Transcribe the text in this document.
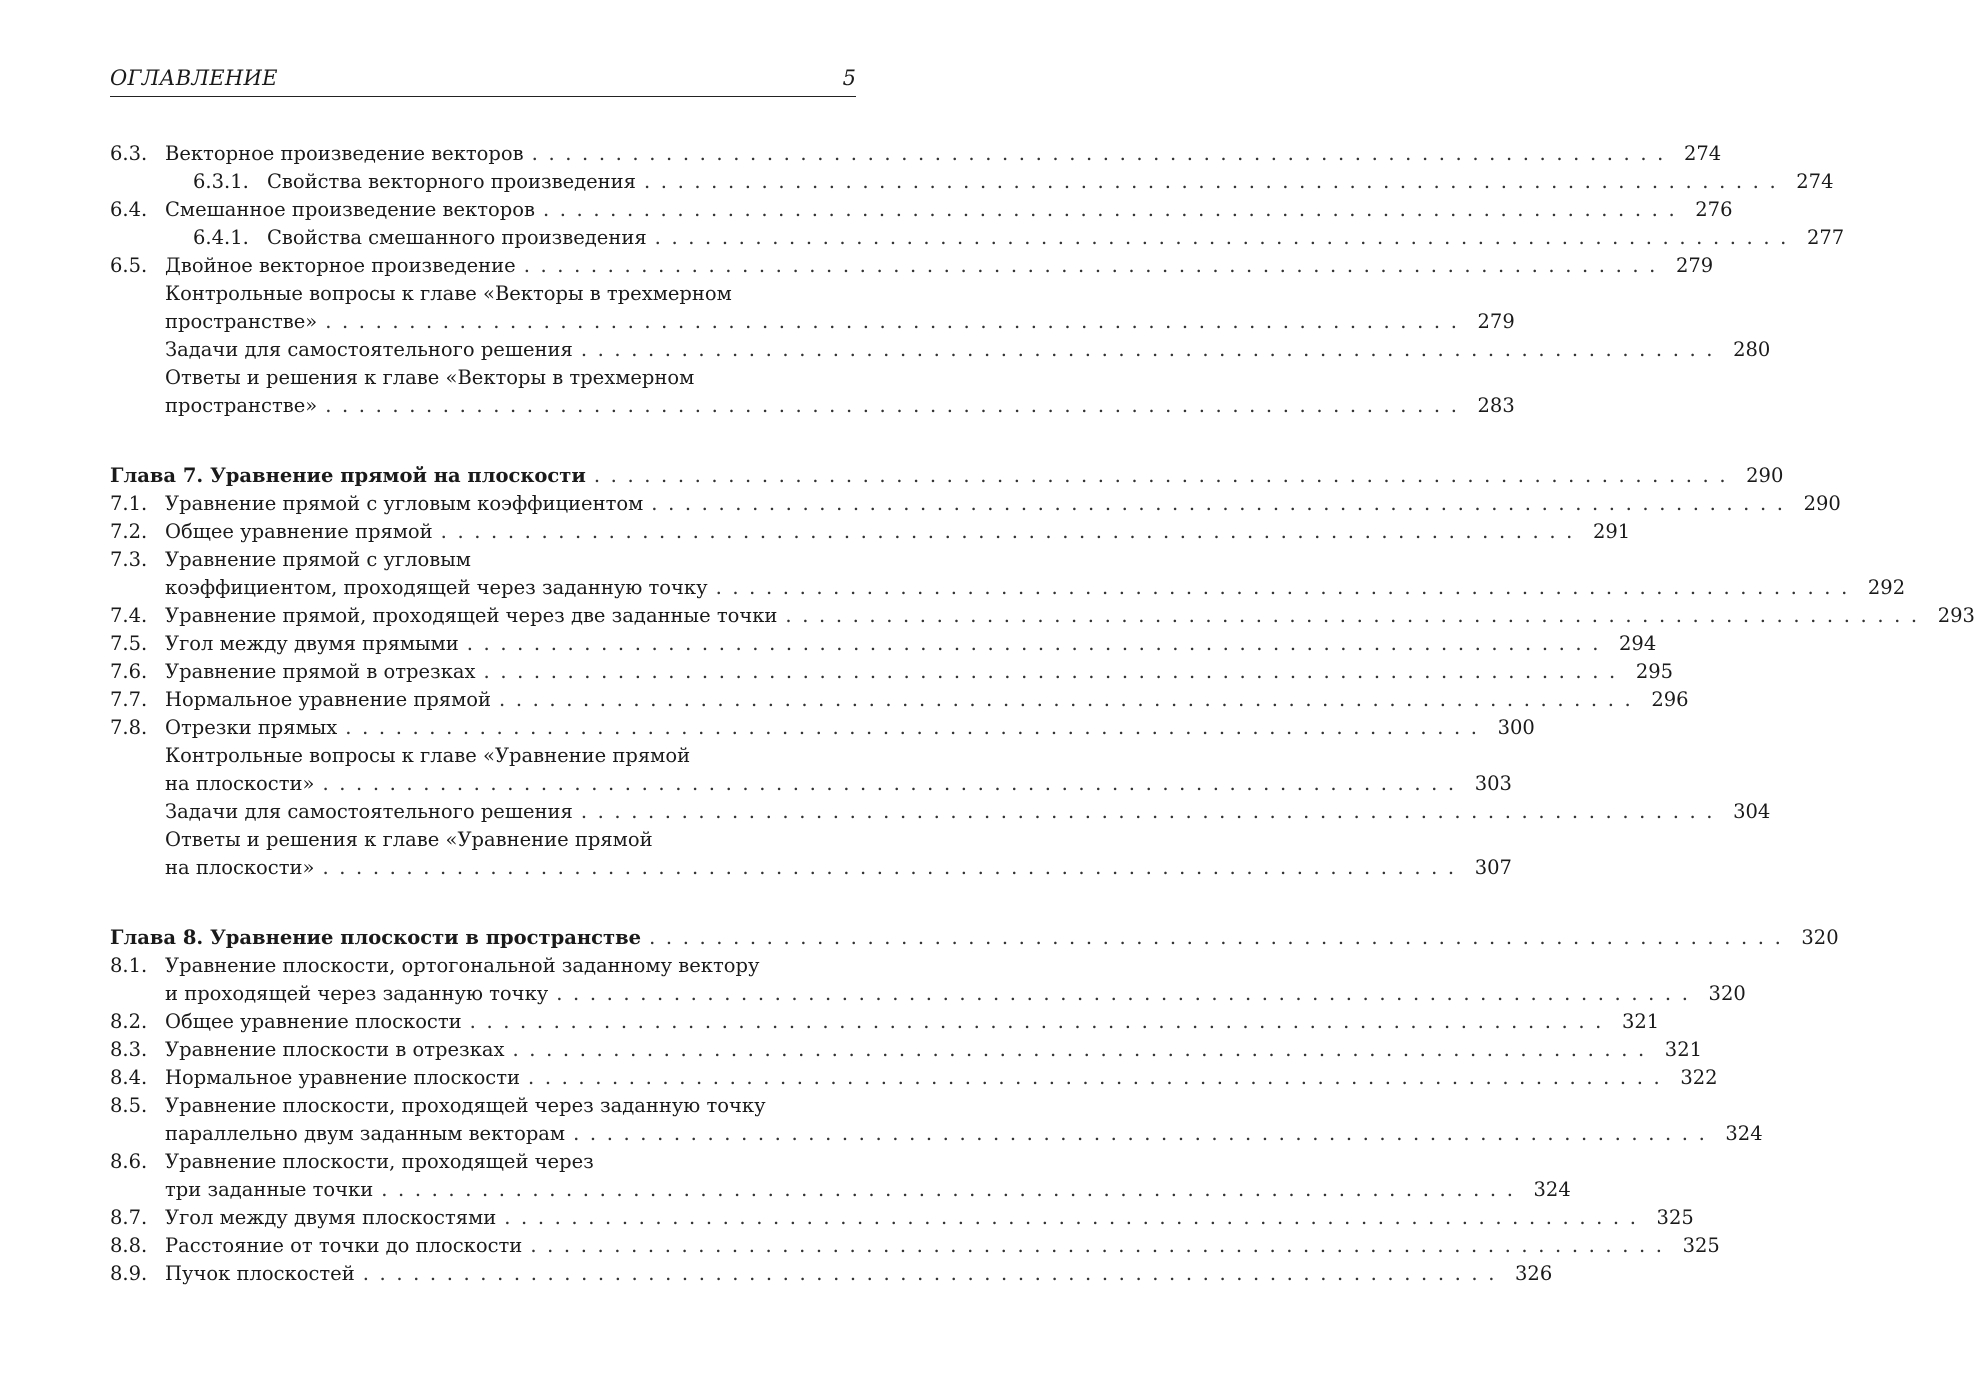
ОГЛАВЛЕНИЕ	5
6.3. Векторное произведение векторов .................................................................... 274
6.3.1. Свойства векторного произведения .................................................................... 274
6.4. Смешанное произведение векторов .................................................................... 276
6.4.1. Свойства смешанного произведения .................................................................... 277
6.5. Двойное векторное произведение .................................................................... 279
Контрольные вопросы к главе «Векторы в трехмерном
пространстве» .................................................................... 279
Задачи для самостоятельного решения .................................................................... 280
Ответы и решения к главе «Векторы в трехмерном
пространстве» .................................................................... 283
Глава 7. Уравнение прямой на плоскости .................................................................... 290
7.1. Уравнение прямой с угловым коэффициентом .................................................................... 290
7.2. Общее уравнение прямой .................................................................... 291
7.3. Уравнение прямой с угловым
коэффициентом, проходящей через заданную точку .................................................................... 292
7.4. Уравнение прямой, проходящей через две заданные точки .................................................................... 293
7.5. Угол между двумя прямыми .................................................................... 294
7.6. Уравнение прямой в отрезках .................................................................... 295
7.7. Нормальное уравнение прямой .................................................................... 296
7.8. Отрезки прямых .................................................................... 300
Контрольные вопросы к главе «Уравнение прямой
на плоскости» .................................................................... 303
Задачи для самостоятельного решения .................................................................... 304
Ответы и решения к главе «Уравнение прямой
на плоскости» .................................................................... 307
Глава 8. Уравнение плоскости в пространстве .................................................................... 320
8.1. Уравнение плоскости, ортогональной заданному вектору
и проходящей через заданную точку .................................................................... 320
8.2. Общее уравнение плоскости .................................................................... 321
8.3. Уравнение плоскости в отрезках .................................................................... 321
8.4. Нормальное уравнение плоскости .................................................................... 322
8.5. Уравнение плоскости, проходящей через заданную точку
параллельно двум заданным векторам .................................................................... 324
8.6. Уравнение плоскости, проходящей через
три заданные точки .................................................................... 324
8.7. Угол между двумя плоскостями .................................................................... 325
8.8. Расстояние от точки до плоскости .................................................................... 325
8.9. Пучок плоскостей .................................................................... 326
